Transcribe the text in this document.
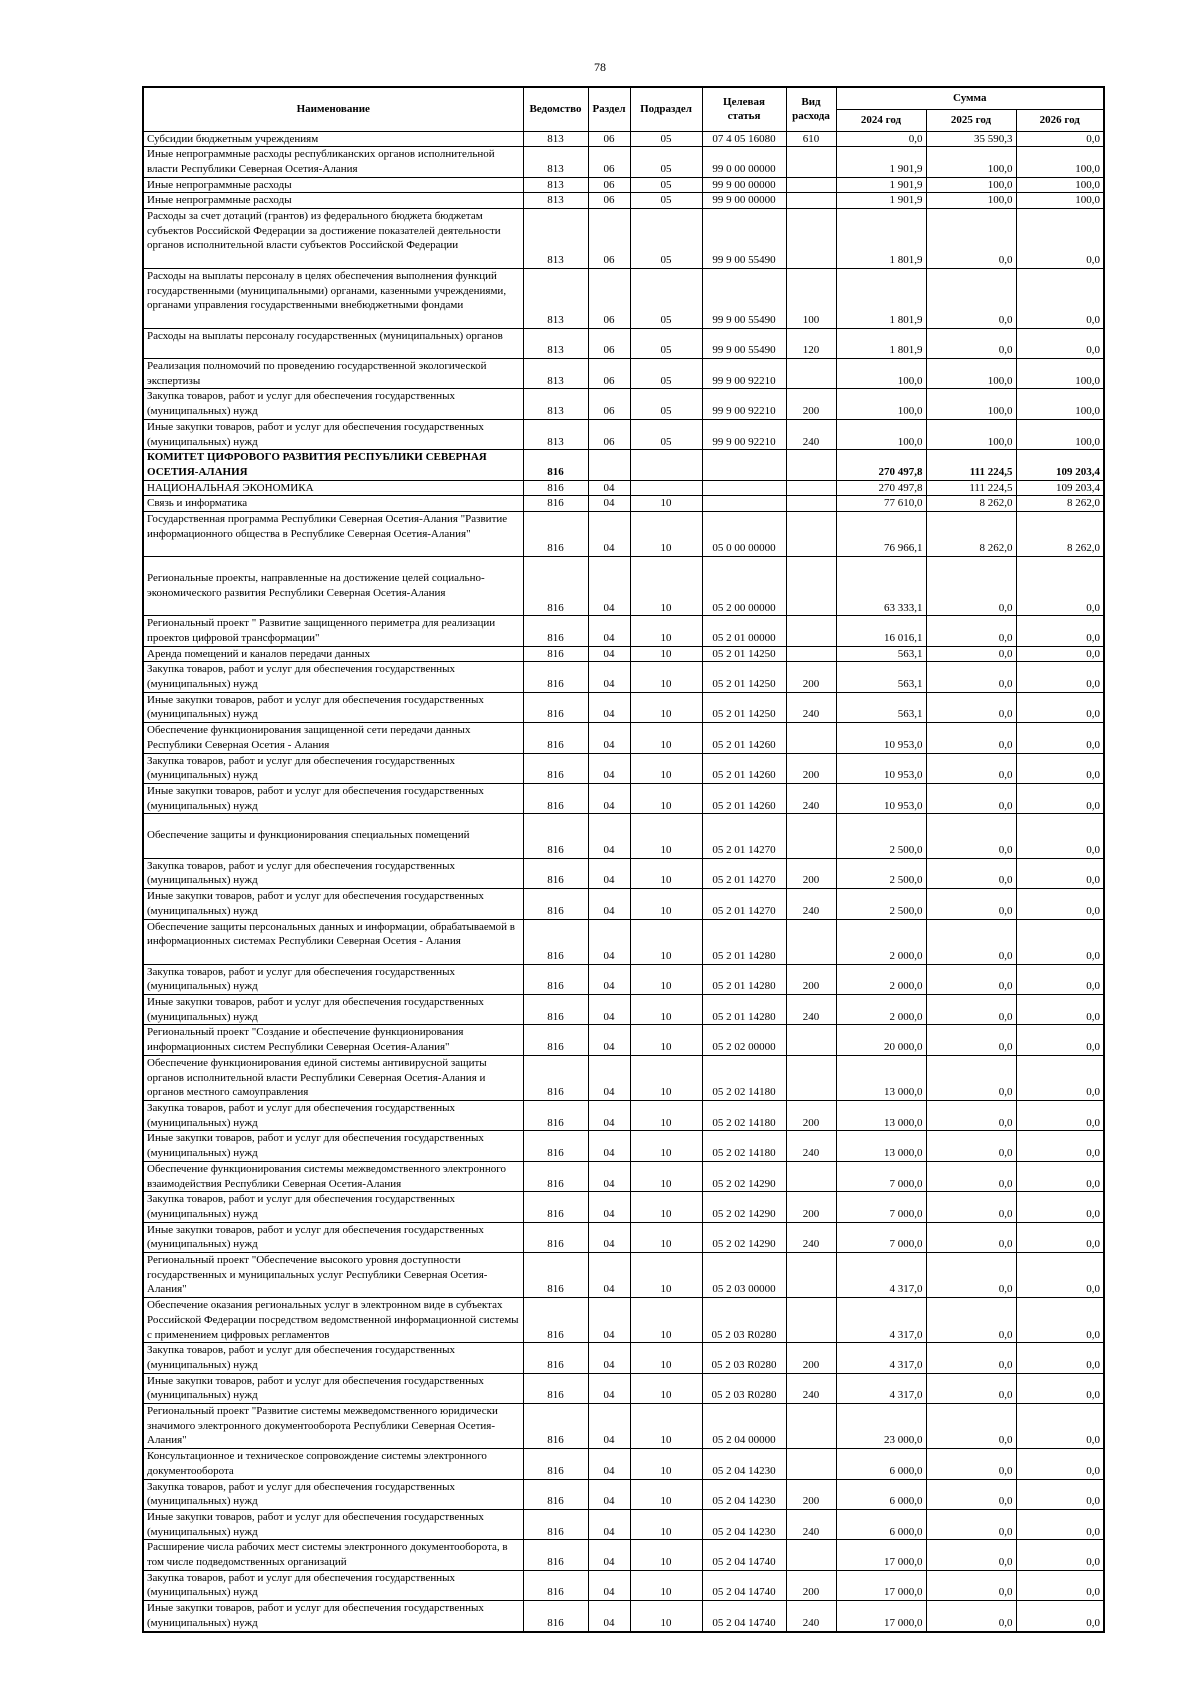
78
Наименование	Ведомство	Раздел	Подраздел	Целевая статья	Вид расхода	Сумма		
						2024 год	2025 год	2026 год
Субсидии бюджетным учреждениям	813	06	05	07 4 05 16080	610	0,0	35 590,3	0,0
Иные непрограммные расходы республиканских органов исполнительной власти Республики Северная Осетия-Алания	813	06	05	99 0 00 00000		1 901,9	100,0	100,0
Иные непрограммные расходы	813	06	05	99 9 00 00000		1 901,9	100,0	100,0
Иные непрограммные расходы	813	06	05	99 9 00 00000		1 901,9	100,0	100,0
Расходы за счет дотаций (грантов) из федерального бюджета бюджетам субъектов Российской Федерации за достижение показателей деятельности органов исполнительной власти субъектов Российской Федерации	813	06	05	99 9 00 55490		1 801,9	0,0	0,0
Расходы на выплаты персоналу в целях обеспечения выполнения функций государственными (муниципальными) органами, казенными учреждениями, органами управления государственными внебюджетными фондами	813	06	05	99 9 00 55490	100	1 801,9	0,0	0,0
Расходы на выплаты персоналу государственных (муниципальных) органов	813	06	05	99 9 00 55490	120	1 801,9	0,0	0,0
Реализация полномочий по проведению государственной экологической экспертизы	813	06	05	99 9 00 92210		100,0	100,0	100,0
Закупка товаров, работ и услуг для обеспечения государственных (муниципальных) нужд	813	06	05	99 9 00 92210	200	100,0	100,0	100,0
Иные закупки товаров, работ и услуг для обеспечения государственных (муниципальных) нужд	813	06	05	99 9 00 92210	240	100,0	100,0	100,0
КОМИТЕТ ЦИФРОВОГО РАЗВИТИЯ РЕСПУБЛИКИ СЕВЕРНАЯ ОСЕТИЯ-АЛАНИЯ	816					270 497,8	111 224,5	109 203,4
НАЦИОНАЛЬНАЯ ЭКОНОМИКА	816	04				270 497,8	111 224,5	109 203,4
Связь и информатика	816	04	10			77 610,0	8 262,0	8 262,0
Государственная программа Республики Северная Осетия-Алания "Развитие информационного общества в Республике Северная Осетия-Алания"	816	04	10	05 0 00 00000		76 966,1	8 262,0	8 262,0
Региональные проекты, направленные на достижение целей социально-экономического развития Республики Северная Осетия-Алания	816	04	10	05 2 00 00000		63 333,1	0,0	0,0
Региональный проект " Развитие защищенного периметра для реализации проектов цифровой трансформации"	816	04	10	05 2 01 00000		16 016,1	0,0	0,0
Аренда помещений и каналов передачи данных	816	04	10	05 2 01 14250		563,1	0,0	0,0
Закупка товаров, работ и услуг для обеспечения государственных (муниципальных) нужд	816	04	10	05 2 01 14250	200	563,1	0,0	0,0
Иные закупки товаров, работ и услуг для обеспечения государственных (муниципальных) нужд	816	04	10	05 2 01 14250	240	563,1	0,0	0,0
Обеспечение функционирования защищенной сети передачи данных Республики Северная Осетия - Алания	816	04	10	05 2 01 14260		10 953,0	0,0	0,0
Закупка товаров, работ и услуг для обеспечения государственных (муниципальных) нужд	816	04	10	05 2 01 14260	200	10 953,0	0,0	0,0
Иные закупки товаров, работ и услуг для обеспечения государственных (муниципальных) нужд	816	04	10	05 2 01 14260	240	10 953,0	0,0	0,0
Обеспечение защиты и функционирования специальных помещений	816	04	10	05 2 01 14270		2 500,0	0,0	0,0
Закупка товаров, работ и услуг для обеспечения государственных (муниципальных) нужд	816	04	10	05 2 01 14270	200	2 500,0	0,0	0,0
Иные закупки товаров, работ и услуг для обеспечения государственных (муниципальных) нужд	816	04	10	05 2 01 14270	240	2 500,0	0,0	0,0
Обеспечение защиты персональных данных и информации, обрабатываемой в информационных системах Республики Северная Осетия - Алания	816	04	10	05 2 01 14280		2 000,0	0,0	0,0
Закупка товаров, работ и услуг для обеспечения государственных (муниципальных) нужд	816	04	10	05 2 01 14280	200	2 000,0	0,0	0,0
Иные закупки товаров, работ и услуг для обеспечения государственных (муниципальных) нужд	816	04	10	05 2 01 14280	240	2 000,0	0,0	0,0
Региональный проект "Создание и обеспечение функционирования информационных систем Республики Северная Осетия-Алания"	816	04	10	05 2 02 00000		20 000,0	0,0	0,0
Обеспечение функционирования единой системы антивирусной защиты органов исполнительной власти Республики Северная Осетия-Алания и органов местного самоуправления	816	04	10	05 2 02 14180		13 000,0	0,0	0,0
Закупка товаров, работ и услуг для обеспечения государственных (муниципальных) нужд	816	04	10	05 2 02 14180	200	13 000,0	0,0	0,0
Иные закупки товаров, работ и услуг для обеспечения государственных (муниципальных) нужд	816	04	10	05 2 02 14180	240	13 000,0	0,0	0,0
Обеспечение функционирования системы межведомственного электронного взаимодействия Республики Северная Осетия-Алания	816	04	10	05 2 02 14290		7 000,0	0,0	0,0
Закупка товаров, работ и услуг для обеспечения государственных (муниципальных) нужд	816	04	10	05 2 02 14290	200	7 000,0	0,0	0,0
Иные закупки товаров, работ и услуг для обеспечения государственных (муниципальных) нужд	816	04	10	05 2 02 14290	240	7 000,0	0,0	0,0
Региональный проект "Обеспечение высокого уровня доступности государственных и муниципальных услуг Республики Северная Осетия-Алания"	816	04	10	05 2 03 00000		4 317,0	0,0	0,0
Обеспечение оказания региональных услуг в электронном виде в субъектах Российской Федерации посредством ведомственной информационной системы с применением цифровых регламентов	816	04	10	05 2 03 R0280		4 317,0	0,0	0,0
Закупка товаров, работ и услуг для обеспечения государственных (муниципальных) нужд	816	04	10	05 2 03 R0280	200	4 317,0	0,0	0,0
Иные закупки товаров, работ и услуг для обеспечения государственных (муниципальных) нужд	816	04	10	05 2 03 R0280	240	4 317,0	0,0	0,0
Региональный проект "Развитие системы межведомственного юридически значимого электронного документооборота Республики Северная Осетия-Алания"	816	04	10	05 2 04 00000		23 000,0	0,0	0,0
Консультационное и техническое сопровождение системы электронного документооборота	816	04	10	05 2 04 14230		6 000,0	0,0	0,0
Закупка товаров, работ и услуг для обеспечения государственных (муниципальных) нужд	816	04	10	05 2 04 14230	200	6 000,0	0,0	0,0
Иные закупки товаров, работ и услуг для обеспечения государственных (муниципальных) нужд	816	04	10	05 2 04 14230	240	6 000,0	0,0	0,0
Расширение числа рабочих мест системы электронного документооборота, в том числе подведомственных организаций	816	04	10	05 2 04 14740		17 000,0	0,0	0,0
Закупка товаров, работ и услуг для обеспечения государственных (муниципальных) нужд	816	04	10	05 2 04 14740	200	17 000,0	0,0	0,0
Иные закупки товаров, работ и услуг для обеспечения государственных (муниципальных) нужд	816	04	10	05 2 04 14740	240	17 000,0	0,0	0,0
